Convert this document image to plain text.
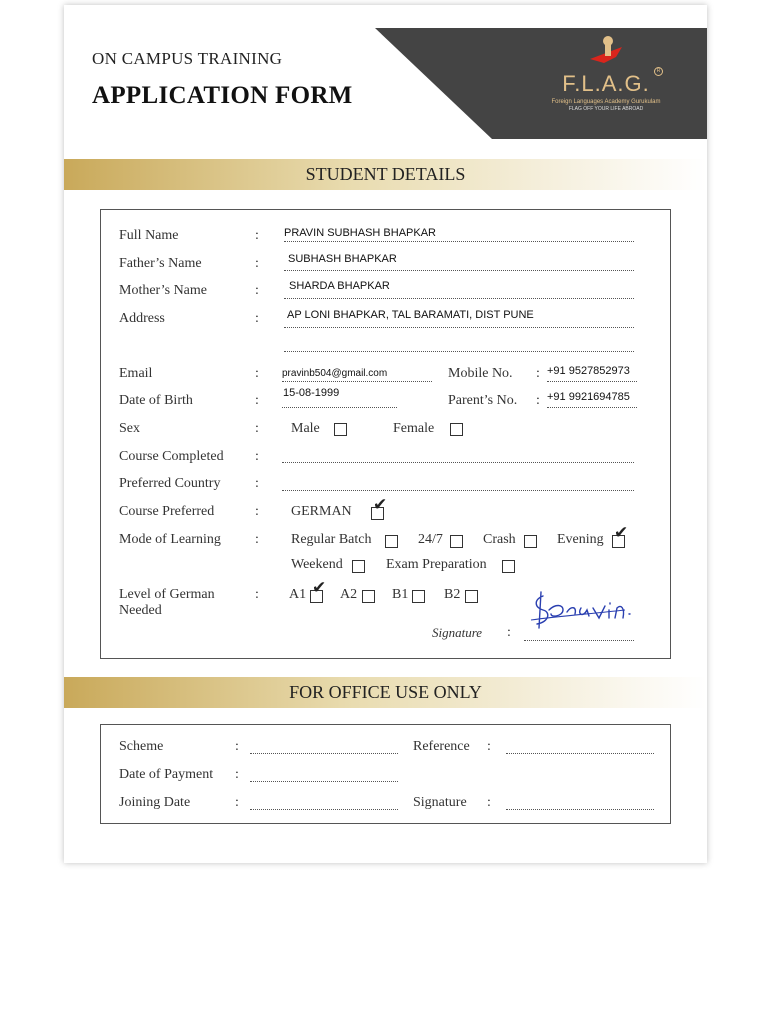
ON CAMPUS TRAINING
APPLICATION FORM
R
F.L.A.G.
Foreign Languages Academy Gurukulam
FLAG OFF YOUR LIFE ABROAD
STUDENT DETAILS
Full Name	: PRAVIN SUBHASH BHAPKAR
Father’s Name	:	SUBHASH BHAPKAR
Mother’s Name	:	SHARDA BHAPKAR
Address	:	AP LONI BHAPKAR, TAL BARAMATI, DIST PUNE
Email	: pravinb504@gmail.com	Mobile No. : +91 9527852973
Date of Birth	: 15-08-1999	Parent’s No. : +91 9921694785
Sex	: Male	Female
Course Completed :
Preferred Country :
Course Preferred	: GERMAN ✔
Mode of Learning : Regular Batch	24/7	Crash	Evening ✔
Weekend	Exam Preparation
Level of German
Needed
: A1 ✔ A2 B1	B2
Signature :
FOR OFFICE USE ONLY
Scheme	:	Reference :
Date of Payment :
Joining Date	:	Signature :
